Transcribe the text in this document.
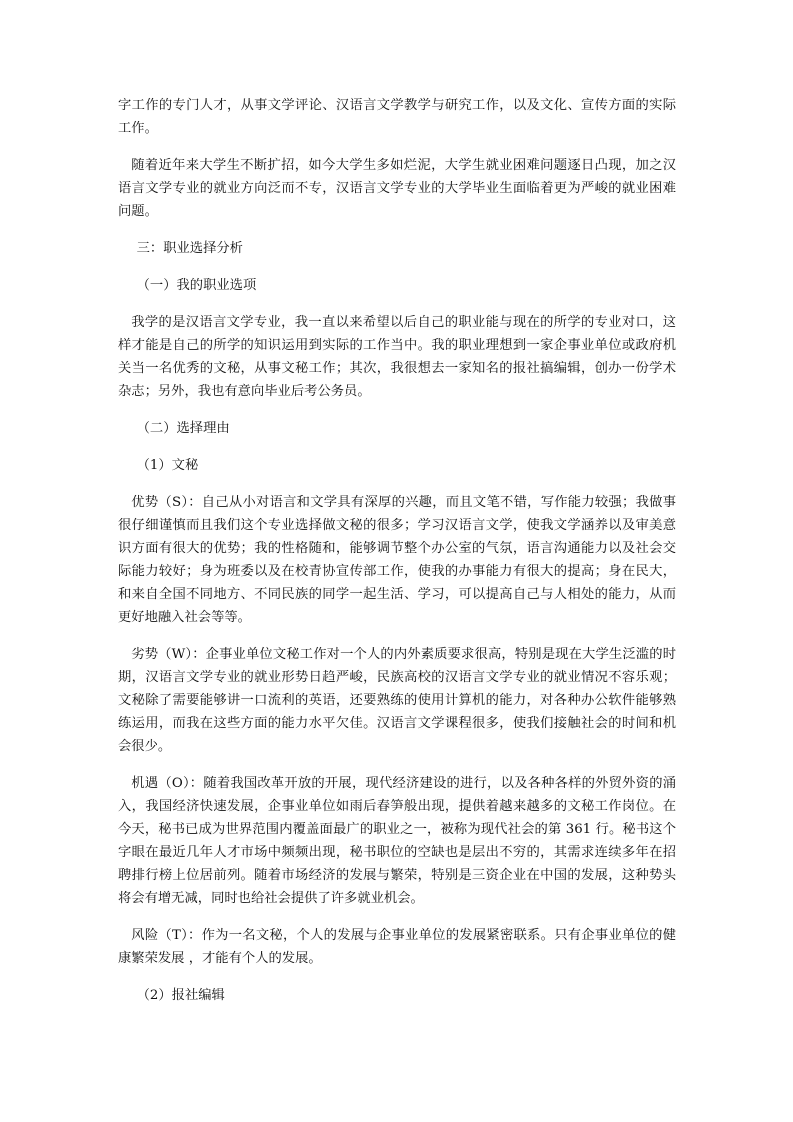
字工作的专门人才，从事文学评论、汉语言文学教学与研究工作，以及文化、宣传方面的实际工作。

随着近年来大学生不断扩招，如今大学生多如烂泥，大学生就业困难问题逐日凸现，加之汉语言文学专业的就业方向泛而不专，汉语言文学专业的大学毕业生面临着更为严峻的就业困难问题。

三：职业选择分析

（一）我的职业选项

我学的是汉语言文学专业，我一直以来希望以后自己的职业能与现在的所学的专业对口，这样才能是自己的所学的知识运用到实际的工作当中。我的职业理想到一家企事业单位或政府机关当一名优秀的文秘，从事文秘工作；其次，我很想去一家知名的报社搞编辑，创办一份学术杂志；另外，我也有意向毕业后考公务员。

（二）选择理由

（1）文秘

优势（S）：自己从小对语言和文学具有深厚的兴趣，而且文笔不错，写作能力较强；我做事很仔细谨慎而且我们这个专业选择做文秘的很多；学习汉语言文学，使我文学涵养以及审美意识方面有很大的优势；我的性格随和，能够调节整个办公室的气氛，语言沟通能力以及社会交际能力较好；身为班委以及在校青协宣传部工作，使我的办事能力有很大的提高；身在民大，和来自全国不同地方、不同民族的同学一起生活、学习，可以提高自己与人相处的能力，从而更好地融入社会等等。

劣势（W）：企事业单位文秘工作对一个人的内外素质要求很高，特别是现在大学生泛滥的时期，汉语言文学专业的就业形势日趋严峻，民族高校的汉语言文学专业的就业情况不容乐观；文秘除了需要能够讲一口流利的英语，还要熟练的使用计算机的能力，对各种办公软件能够熟练运用，而我在这些方面的能力水平欠佳。汉语言文学课程很多，使我们接触社会的时间和机会很少。

机遇（O）：随着我国改革开放的开展，现代经济建设的进行，以及各种各样的外贸外资的涌入，我国经济快速发展，企事业单位如雨后春笋般出现，提供着越来越多的文秘工作岗位。在今天，秘书已成为世界范围内覆盖面最广的职业之一，被称为现代社会的第 361 行。秘书这个字眼在最近几年人才市场中频频出现，秘书职位的空缺也是层出不穷的，其需求连续多年在招聘排行榜上位居前列。随着市场经济的发展与繁荣，特别是三资企业在中国的发展，这种势头将会有增无减，同时也给社会提供了许多就业机会。

风险（T）：作为一名文秘，个人的发展与企事业单位的发展紧密联系。只有企事业单位的健康繁荣发展 ，才能有个人的发展。

（2）报社编辑
